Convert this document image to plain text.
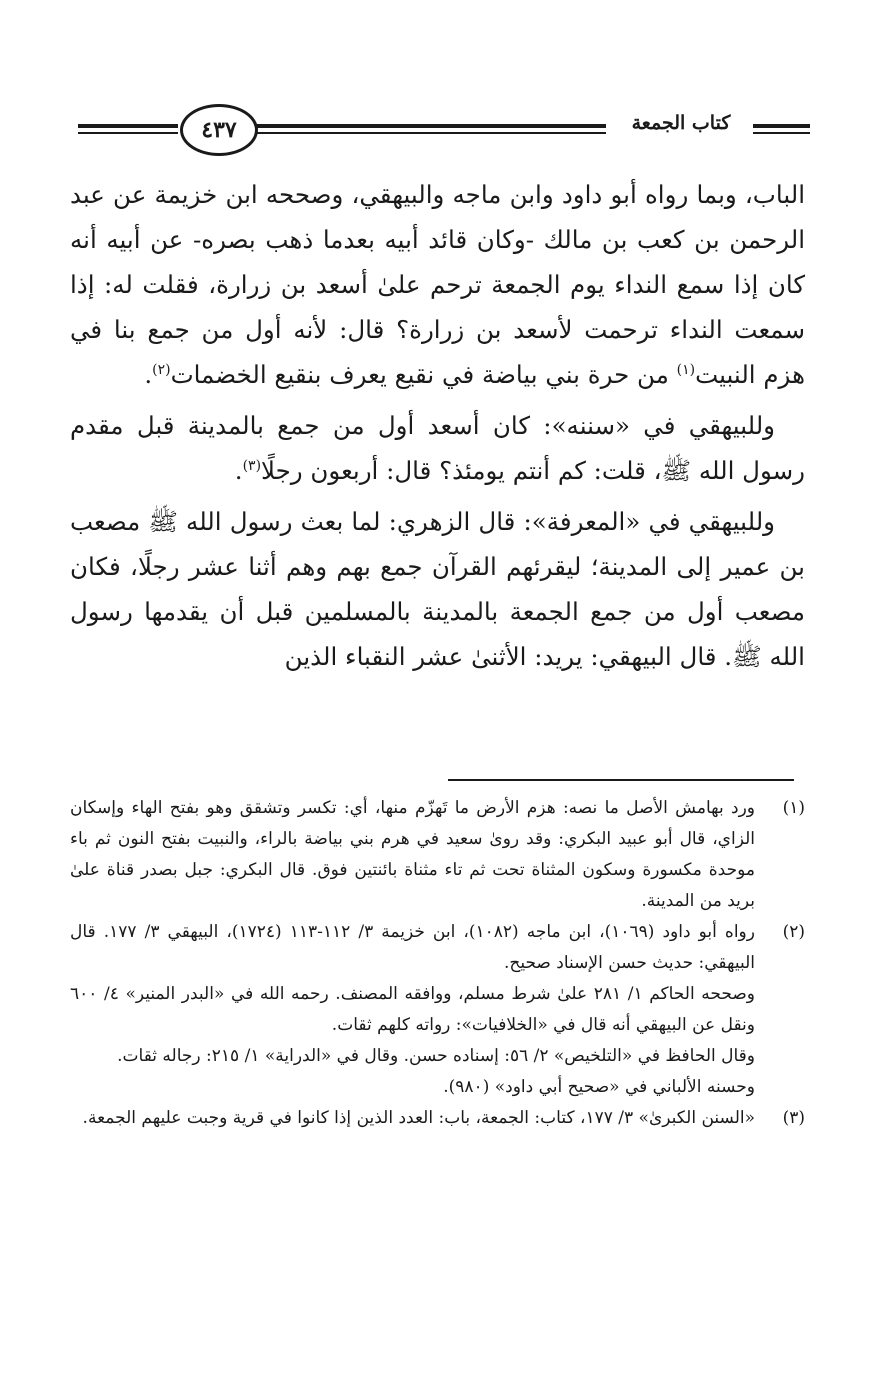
٤٣٧	كتاب الجمعة

الباب، وبما رواه أبو داود وابن ماجه والبيهقي، وصححه ابن خزيمة عن عبد الرحمن بن كعب بن مالك -وكان قائد أبيه بعدما ذهب بصره- عن أبيه أنه كان إذا سمع النداء يوم الجمعة ترحم علىٰ أسعد بن زرارة، فقلت له: إذا سمعت النداء ترحمت لأسعد بن زرارة؟ قال: لأنه أول من جمع بنا في هزم النبيت$^{(١)}$ من حرة بني بياضة في نقيع يعرف بنقيع الخضمات$^{(٢)}$.

وللبيهقي في «سننه»: كان أسعد أول من جمع بالمدينة قبل مقدم رسول الله ﷺ، قلت: كم أنتم يومئذ؟ قال: أربعون رجلًا$^{(٣)}$.

وللبيهقي في «المعرفة»: قال الزهري: لما بعث رسول الله ﷺ مصعب بن عمير إلى المدينة؛ ليقرئهم القرآن جمع بهم وهم أثنا عشر رجلًا، فكان مصعب أول من جمع الجمعة بالمدينة بالمسلمين قبل أن يقدمها رسول الله ﷺ. قال البيهقي: يريد: الأثنىٰ عشر النقباء الذين

(١)

ورد بهامش الأصل ما نصه: هزم الأرض ما تَهزّم منها، أي: تكسر وتشقق وهو بفتح الهاء وإسكان الزاي، قال أبو عبيد البكري: وقد رویٰ سعيد في هرم بني بياضة بالراء، والنبيت بفتح النون ثم باء موحدة مكسورة وسكون المثناة تحت ثم تاء مثناة بائنتين فوق. قال البكري: جبل بصدر قناة علىٰ بريد من المدينة.

(٢)

رواه أبو داود (١٠٦٩)، ابن ماجه (١٠٨٢)، ابن خزيمة ٣/ ١١٢-١١٣ (١٧٢٤)، البيهقي ٣/ ١٧٧. قال البيهقي: حديث حسن الإسناد صحيح.

وصححه الحاكم ١/ ٢٨١ علىٰ شرط مسلم، ووافقه المصنف. رحمه الله في «البدر المنير» ٤/ ٦٠٠ ونقل عن البيهقي أنه قال في «الخلافيات»: رواته كلهم ثقات.

وقال الحافظ في «التلخيص» ٢/ ٥٦: إسناده حسن. وقال في «الدراية» ١/ ٢١٥: رجاله ثقات.

وحسنه الألباني في «صحيح أبي داود» (٩٨٠).

(٣)

«السنن الكبرىٰ» ٣/ ١٧٧، كتاب: الجمعة، باب: العدد الذين إذا كانوا في قرية وجبت عليهم الجمعة.
